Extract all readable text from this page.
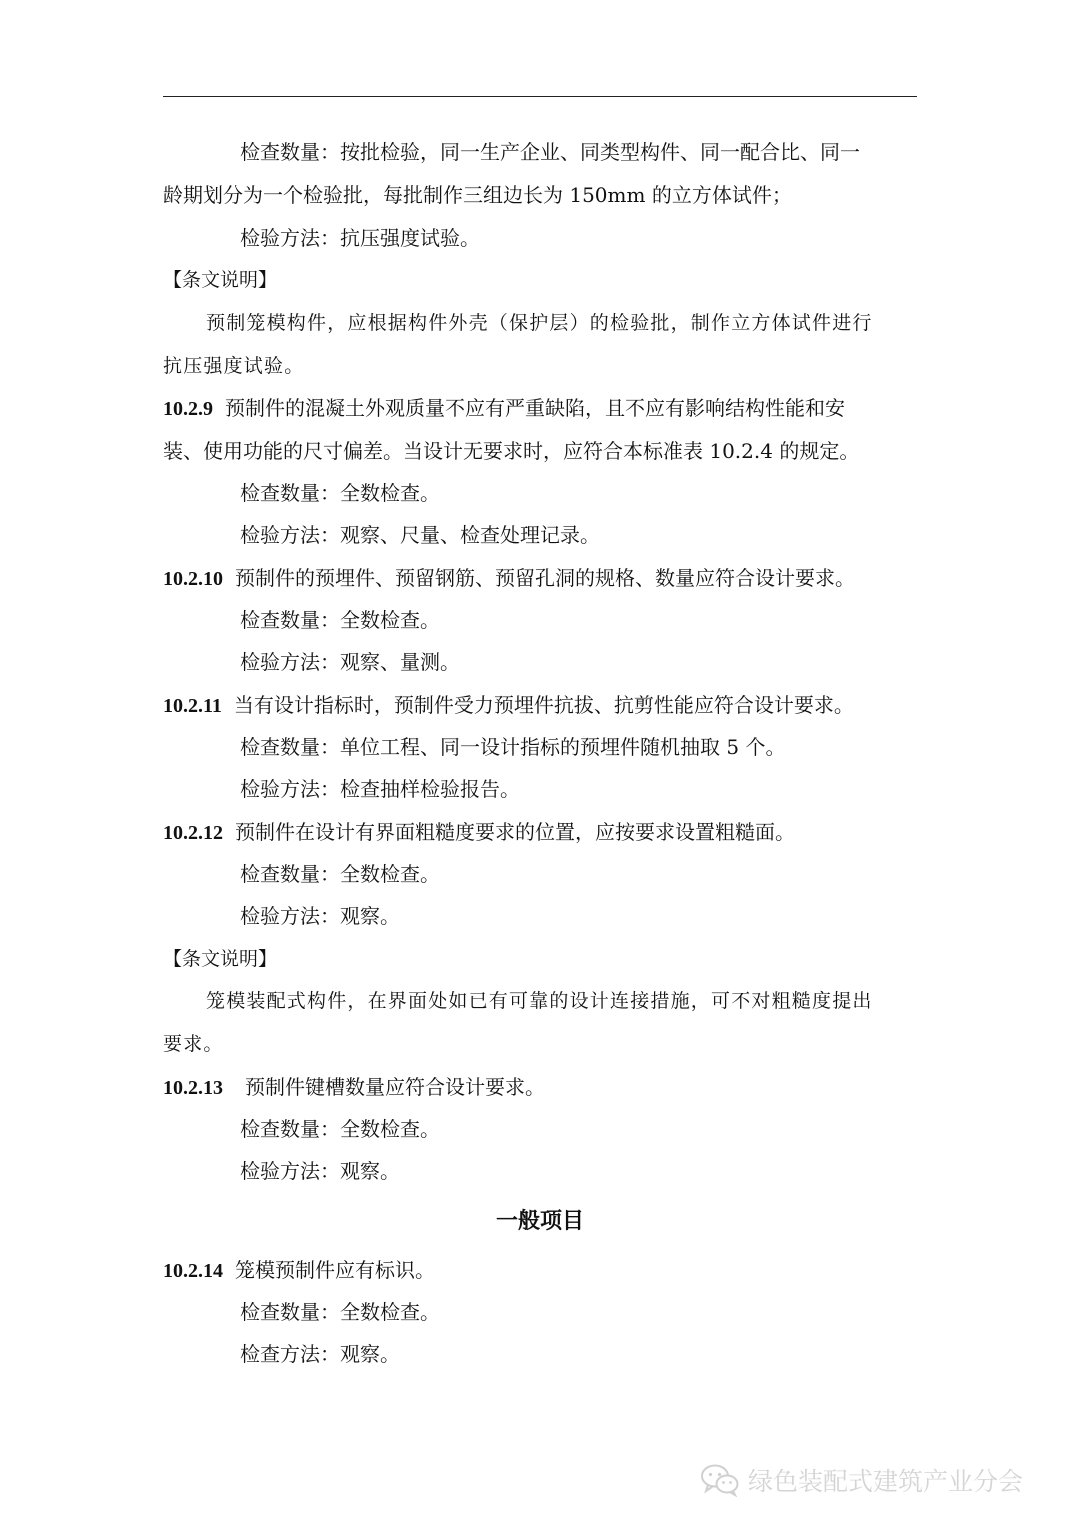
检查数量：按批检验，同一生产企业、同类型构件、同一配合比、同一
龄期划分为一个检验批，每批制作三组边长为 150mm 的立方体试件；
检验方法：抗压强度试验。
【条文说明】
预制笼模构件，应根据构件外壳（保护层）的检验批，制作立方体试件进行
抗压强度试验。
10.2.9 预制件的混凝土外观质量不应有严重缺陷，且不应有影响结构性能和安
装、使用功能的尺寸偏差。当设计无要求时，应符合本标准表 10.2.4 的规定。
检查数量：全数检查。
检验方法：观察、尺量、检查处理记录。
10.2.10 预制件的预埋件、预留钢筋、预留孔洞的规格、数量应符合设计要求。
检查数量：全数检查。
检验方法：观察、量测。
10.2.11 当有设计指标时，预制件受力预埋件抗拔、抗剪性能应符合设计要求。
检查数量：单位工程、同一设计指标的预埋件随机抽取 5 个。
检验方法：检查抽样检验报告。
10.2.12 预制件在设计有界面粗糙度要求的位置，应按要求设置粗糙面。
检查数量：全数检查。
检验方法：观察。
【条文说明】
笼模装配式构件，在界面处如已有可靠的设计连接措施，可不对粗糙度提出
要求。
10.2.13 预制件键槽数量应符合设计要求。
检查数量：全数检查。
检验方法：观察。
一般项目
10.2.14 笼模预制件应有标识。
检查数量：全数检查。
检查方法：观察。
绿色装配式建筑产业分会
